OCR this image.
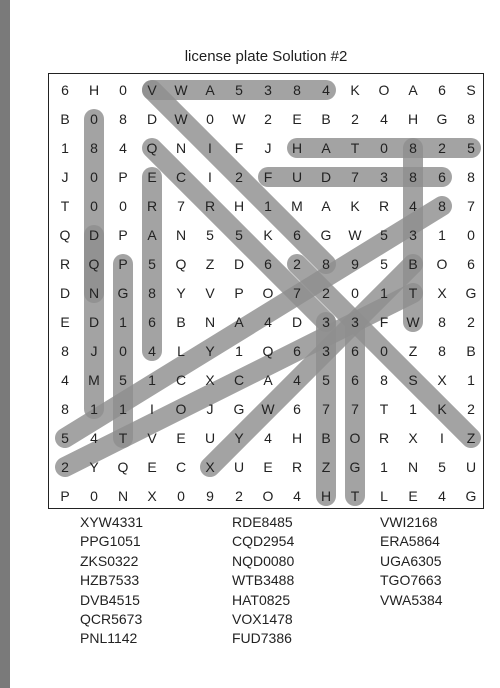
license plate Solution #2
6 H 0 V W A 5 3 8 4 K O A 6 S
B 0 8 D W 0 W 2 E B 2 4 H G 8
1 8 4 Q N I F J H A T 0 8 2 5
J 0 P E C I 2 F U D 7 3 8 6 8
T 0 0 R 7 R H 1 M A K R 4 8 7
Q D P A N 5 5 K 6 G W 5 3 1 0
R Q P 5 Q Z D 6 2 8 9 5 B O 6
D N G 8 Y V P O 7 2 0 1 T X G
E D 1 6 B N A 4 D 3 3 F W 8 2
8 J 0 4 L Y 1 Q 6 3 6 0 Z 8 B
4 M 5 1 C X C A 4 5 6 8 S X 1
8 1 1 I O J G W 6 7 7 T 1 K 2
5 4 T V E U Y 4 H B O R X I Z
2 Y Q E C X U E R Z G 1 N 5 U
P 0 N X 0 9 2 O 4 H T L E 4 G
XYW4331
PPG1051
ZKS0322
HZB7533
DVB4515
QCR5673
PNL1142
RDE8485
CQD2954
NQD0080
WTB3488
HAT0825
VOX1478
FUD7386
VWI2168
ERA5864
UGA6305
TGO7663
VWA5384
